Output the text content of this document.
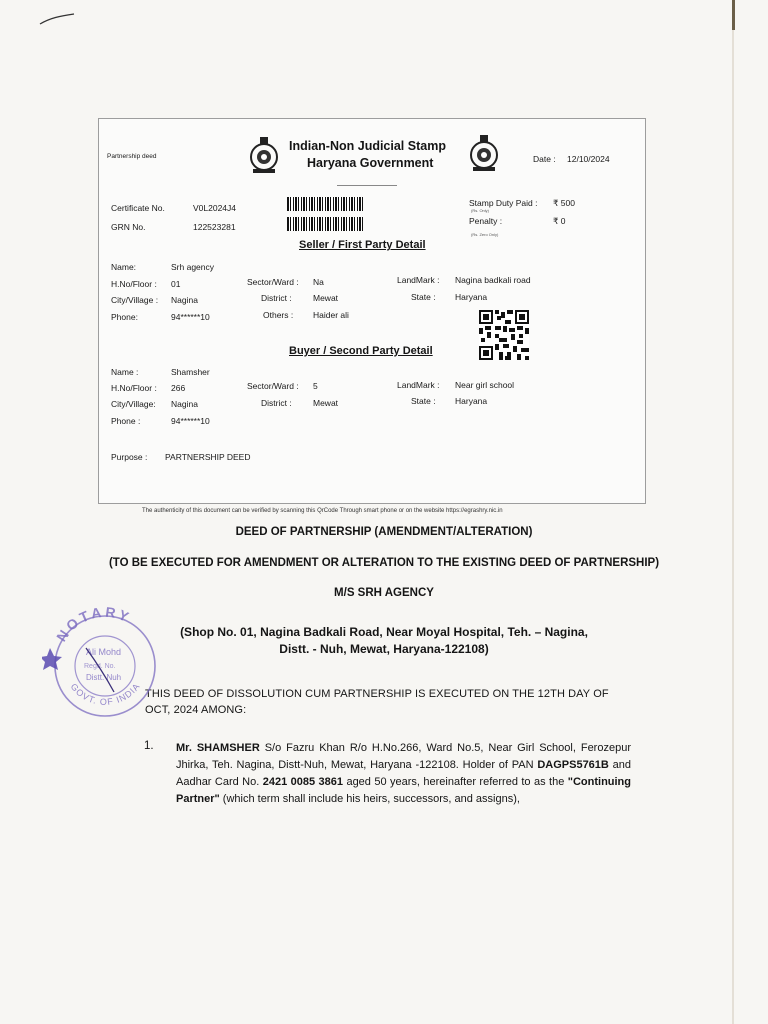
Partnership deed
Indian-Non Judicial Stamp
Haryana Government	Date : 12/10/2024
Certificate No.	V0L2024J4
GRN No.	122523281
Stamp Duty Paid : ₹ 500
(Rs. Only)
Penalty :	₹ 0
(Rs. Zero Only)
Seller / First Party Detail
Name:	Srh agency
H.No/Floor : 01	Sector/Ward : Na	LandMark : Nagina badkali road
City/Village : Nagina	District :	Mewat	State : Haryana
Phone:	94******10	Others : Haider ali
Buyer / Second Party Detail
Name :	Shamsher
H.No/Floor : 266	Sector/Ward : 5	LandMark : Near girl school
City/Village: Nagina	District :	Mewat	State : Haryana
Phone :	94******10
Purpose : PARTNERSHIP DEED
The authenticity of this document can be verified by scanning this QrCode Through smart phone or on the website https://egrashry.nic.in
DEED OF PARTNERSHIP (AMENDMENT/ALTERATION)
(TO BE EXECUTED FOR AMENDMENT OR ALTERATION TO THE EXISTING DEED OF PARTNERSHIP)
M/S SRH AGENCY
(Shop No. 01, Nagina Badkali Road, Near Moyal Hospital, Teh. – Nagina,
Distt. - Nuh, Mewat, Haryana-122108)
THIS DEED OF DISSOLUTION CUM PARTNERSHIP IS EXECUTED ON THE 12TH DAY OF
OCT, 2024 AMONG:
1. Mr. SHAMSHER S/o Fazru Khan R/o H.No.266, Ward No.5, Near Girl School, Ferozepur Jhirka, Teh. Nagina, Distt-Nuh, Mewat, Haryana -122108. Holder of PAN DAGPS5761B and Aadhar Card No. 2421 0085 3861 aged 50 years, hereinafter referred to as the "Continuing Partner" (which term shall include his heirs, successors, and assigns),
NOTARY
GOVT. OF INDIA
Ali Mohd
Regd. No.
Distt. Nuh
